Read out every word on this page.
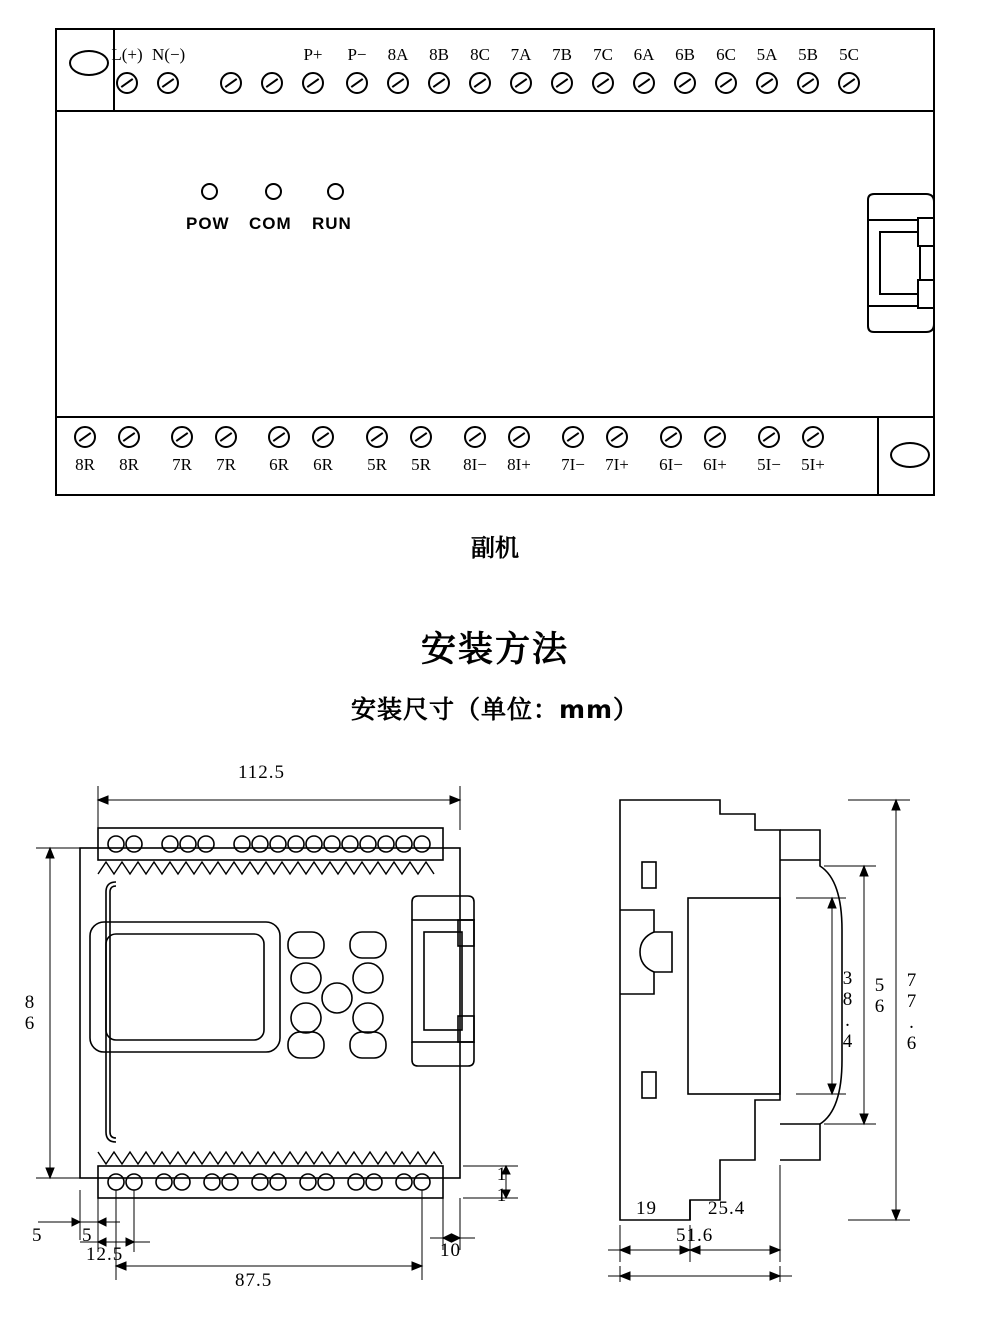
POW COM RUN
L(+) N(−)	P+	P−	8A	8B	8C	7A	7B	7C	6A	6B	6C	5A	5B	5C
8R	8R	7R	7R	6R	6R	5R	5R	8I−	8I+	7I−	7I+	6I−	6I+	5I−	5I+
副机
安装方法
安装尺寸（单位：mm）
112.5
86
87.5
5 5
12.5	10
11
77.6
56
38.4
19	25.4
51.6
